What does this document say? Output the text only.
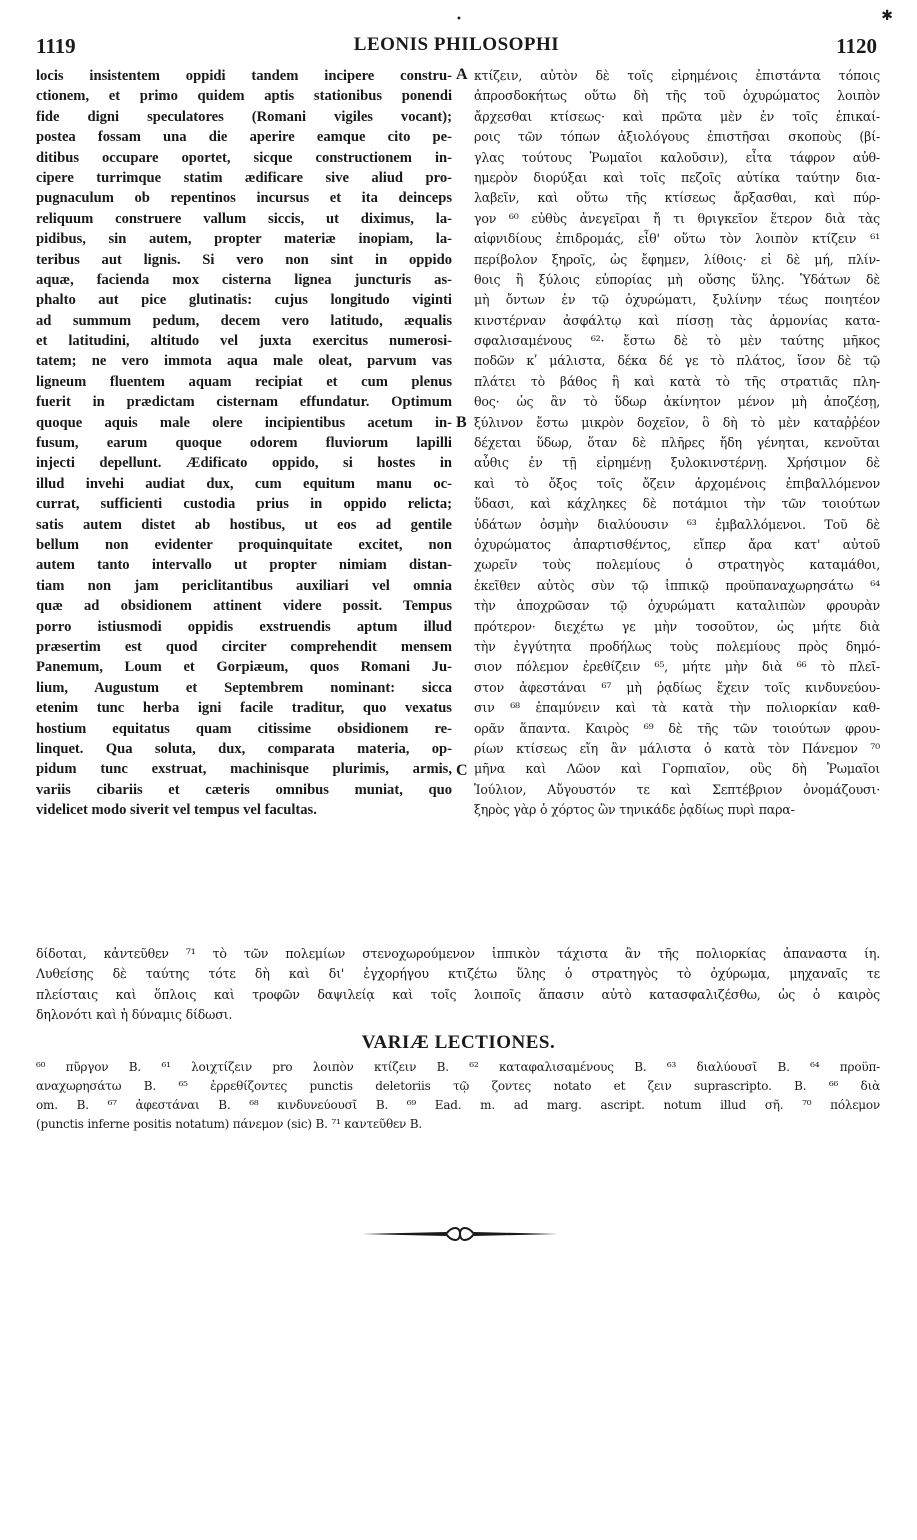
•	✱
1119	LEONIS PHILOSOPHI	1120
locis insistentem oppidi tandem incipere constru-
ctionem, et primo quidem aptis stationibus ponendi
fide digni speculatores (Romani vigiles vocant);
postea fossam una die aperire eamque cito pe-
ditibus occupare oportet, sicque constructionem in-
cipere turrimque statim ædificare sive aliud pro-
pugnaculum ob repentinos incursus et ita deinceps
reliquum construere vallum siccis, ut diximus, la-
pidibus, sin autem, propter materiæ inopiam, la-
teribus aut lignis. Si vero non sint in oppido
aquæ, facienda mox cisterna lignea juncturis as-
phalto aut pice glutinatis: cujus longitudo viginti
ad summum pedum, decem vero latitudo, æqualis
et latitudini, altitudo vel juxta exercitus numerosi-
tatem; ne vero immota aqua male oleat, parvum vas
ligneum fluentem aquam recipiat et cum plenus
fuerit in prædictam cisternam effundatur. Optimum
quoque aquis male olere incipientibus acetum in-
fusum, earum quoque odorem fluviorum lapilli
injecti depellunt. Ædificato oppido, si hostes in
illud invehi audiat dux, cum equitum manu oc-
currat, sufficienti custodia prius in oppido relicta;
satis autem distet ab hostibus, ut eos ad gentile
bellum non evidenter proquinquitate excitet, non
autem tanto intervallo ut propter nimiam distan-
tiam non jam periclitantibus auxiliari vel omnia
quæ ad obsidionem attinent videre possit. Tempus
porro istiusmodi oppidis exstruendis aptum illud
præsertim est quod circiter comprehendit mensem
Panemum, Loum et Gorpiæum, quos Romani Ju-
lium, Augustum et Septembrem nominant: sicca
etenim tunc herba igni facile traditur, quo vexatus
hostium equitatus quam citissime obsidionem re-
linquet. Qua soluta, dux, comparata materia, op-
pidum tunc exstruat, machinisque plurimis, armis,
variis cibariis et cæteris omnibus muniat, quo
videlicet modo siverit vel tempus vel facultas.
κτίζειν, αὐτὸν δὲ τοῖς εἰρημένοις ἐπιστάντα τόποις
ἀπροσδοκήτως οὕτω δὴ τῆς τοῦ ὀχυρώματος λοιπὸν
ἄρχεσθαι κτίσεως· καὶ πρῶτα μὲν ἐν τοῖς ἐπικαί-
ροις τῶν τόπων ἀξιολόγους ἐπιστῆσαι σκοποὺς (βί-
γλας τούτους Ῥωμαῖοι καλοῦσιν), εἶτα τάφρον αὐθ-
ημερὸν διορύξαι καὶ τοῖς πεζοῖς αὐτίκα ταύτην δια-
λαβεῖν, καὶ οὕτω τῆς κτίσεως ἄρξασθαι, καὶ πύρ-
γον ⁶⁰ εὐθὺς ἀνεγεῖραι ἤ τι θριγκεῖον ἕτερον διὰ τὰς
αἰφνιδίους ἐπιδρομάς, εἶθ' οὕτω τὸν λοιπὸν κτίζειν ⁶¹
περίβολον ξηροῖς, ὡς ἔφημεν, λίθοις· εἰ δὲ μή, πλίν-
θοις ἢ ξύλοις εὐπορίας μὴ οὔσης ὕλης. Ὑδάτων δὲ
μὴ ὄντων ἐν τῷ ὀχυρώματι, ξυλίνην τέως ποιητέον
κινστέρναν ἀσφάλτῳ καὶ πίσσῃ τὰς ἁρμονίας κατα-
σφαλισαμένους ⁶²· ἔστω δὲ τὸ μὲν ταύτης μῆκος
ποδῶν κʹ μάλιστα, δέκα δέ γε τὸ πλάτος, ἴσον δὲ τῷ
πλάτει τὸ βάθος ἢ καὶ κατὰ τὸ τῆς στρατιᾶς πλη-
θος· ὡς ἂν τὸ ὕδωρ ἀκίνητον μένον μὴ ἀποζέσῃ,
ξύλινον ἔστω μικρὸν δοχεῖον, ὃ δὴ τὸ μὲν καταῤῥέον
δέχεται ὕδωρ, ὅταν δὲ πλῆρες ἤδη γένηται, κενοῦται
αὖθις ἐν τῇ εἰρημένῃ ξυλοκινστέρνῃ. Χρήσιμον δὲ
καὶ τὸ ὄξος τοῖς ὄζειν ἀρχομένοις ἐπιβαλλόμενον
ὕδασι, καὶ κάχληκες δὲ ποτάμιοι τὴν τῶν τοιούτων
ὑδάτων ὀσμὴν διαλύουσιν ⁶³ ἐμβαλλόμενοι. Τοῦ δὲ
ὀχυρώματος ἀπαρτισθέντος, εἴπερ ἄρα κατ' αὐτοῦ
χωρεῖν τοὺς πολεμίους ὁ στρατηγὸς καταμάθοι,
ἐκεῖθεν αὐτὸς σὺν τῷ ἱππικῷ προϋπαναχωρησάτω ⁶⁴
τὴν ἀποχρῶσαν τῷ ὀχυρώματι καταλιπὼν φρουρὰν
πρότερον· διεχέτω γε μὴν τοσοῦτον, ὡς μήτε διὰ
τὴν ἐγγύτητα προδήλως τοὺς πολεμίους πρὸς δημό-
σιον πόλεμον ἐρεθίζειν ⁶⁵, μήτε μὴν διὰ ⁶⁶ τὸ πλεῖ-
στον ἀφεστάναι ⁶⁷ μὴ ῥᾳδίως ἔχειν τοῖς κινδυνεύου-
σιν ⁶⁸ ἐπαμύνειν καὶ τὰ κατὰ τὴν πολιορκίαν καθ-
ορᾶν ἅπαντα. Καιρὸς ⁶⁹ δὲ τῆς τῶν τοιούτων φρου-
ρίων κτίσεως εἴη ἂν μάλιστα ὁ κατὰ τὸν Πάνεμον ⁷⁰
μῆνα καὶ Λῶον καὶ Γορπιαῖον, οὓς δὴ Ῥωμαῖοι
Ἰούλιον, Αὔγουστόν τε καὶ Σεπτέβριον ὀνομάζουσι·
ξηρὸς γὰρ ὁ χόρτος ὢν τηνικάδε ῥᾳδίως πυρὶ παρα-
A
B
C
δίδοται, κἀντεῦθεν ⁷¹ τὸ τῶν πολεμίων στενοχωρούμενον ἱππικὸν τάχιστα ἂν τῆς πολιορκίας ἀπαναστα ίη.
Λυθείσης δὲ ταύτης τότε δὴ καὶ δι' ἐγχορήγου κτιζέτω ὕλης ὁ στρατηγὸς τὸ ὀχύρωμα, μηχαναῖς τε
πλείσταις καὶ ὅπλοις καὶ τροφῶν δαψιλείᾳ καὶ τοῖς λοιποῖς ἅπασιν αὐτὸ κατασφαλιζέσθω, ὡς ὁ καιρὸς
δηλονότι καὶ ἡ δύναμις δίδωσι.
VARIÆ LECTIONES.
⁶⁰ πῦργον B. ⁶¹ λοιχτίζειν pro λοιπὸν κτίζειν B. ⁶² καταφαλισαμένους B. ⁶³ διαλύουσῖ B. ⁶⁴ προϋπ-
αναχωρησάτω B. ⁶⁵ ἐρρεθίζοντες punctis deletoriis τῷ ζοντες notato et ζειν suprascripto. B. ⁶⁶ διὰ
om. B. ⁶⁷ ἀφεστάναι B. ⁶⁸ κινδυνεύουσῖ B. ⁶⁹ Ead. m. ad marg. ascript. notum illud σῆ. ⁷⁰ πόλεμον
(punctis inferne positis notatum) πάνεμον (sic) B. ⁷¹ καντεῦθεν B.
